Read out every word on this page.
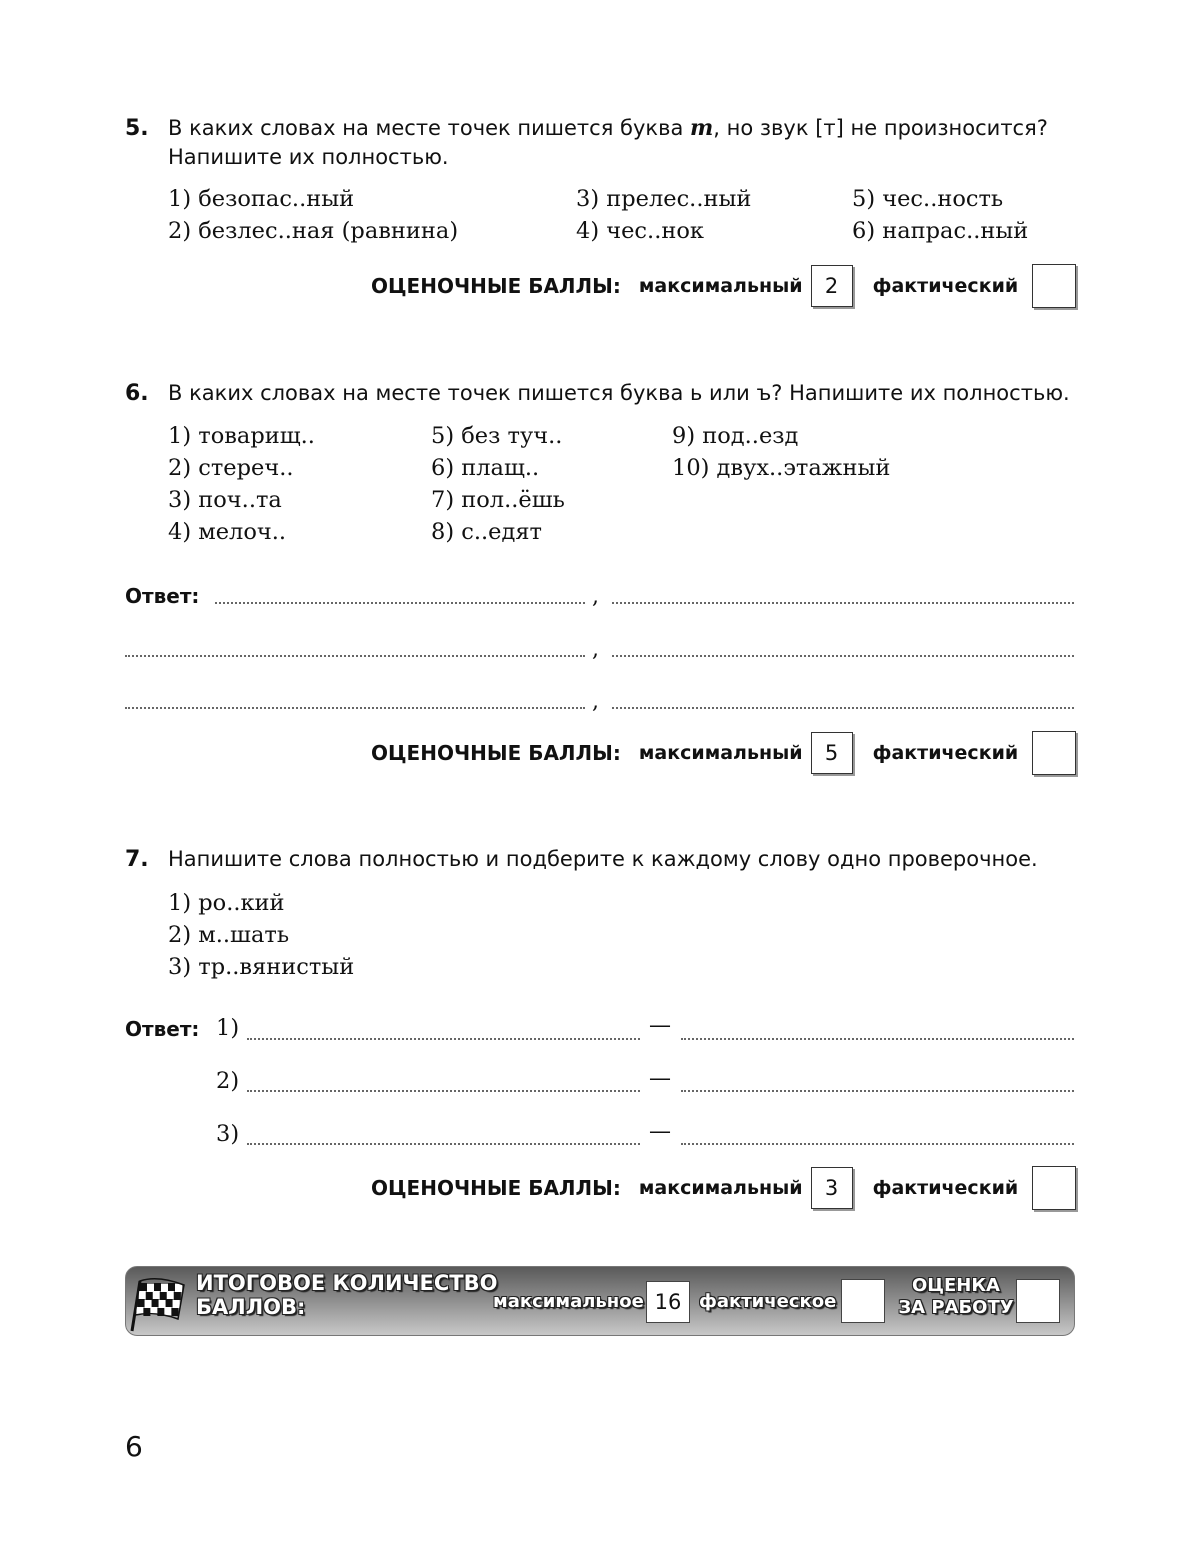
5. В каких словах на месте точек пишется буква т, но звук [т] не произносится?
Напишите их полностью.
1) безопас..ный
2) безлес..ная (равнина)
3) прелес..ный
4) чес..нок
5) чес..ность
6) напрас..ный
ОЦЕНОЧНЫЕ БАЛЛЫ: максимальный	2	фактический
6. В каких словах на месте точек пишется буква ь или ъ? Напишите их полностью.
1) товарищ..
2) стереч..
3) поч..та
4) мелоч..
5) без туч..
6) плащ..
7) пол..ёшь
8) с..едят
9) под..езд
10) двух..этажный
Ответ:	,
,
,
ОЦЕНОЧНЫЕ БАЛЛЫ: максимальный	5	фактический
7. Напишите слова полностью и подберите к каждому слову одно проверочное.
1) ро..кий
2) м..шать
3) тр..вянистый
Ответ: 1)	—
2)	—
3)	—
ОЦЕНОЧНЫЕ БАЛЛЫ: максимальный	3	фактический
ИТОГОВОЕ КОЛИЧЕСТВО
БАЛЛОВ:	максимальное 16 фактическое
ОЦЕНКА
ЗА РАБОТУ
6
